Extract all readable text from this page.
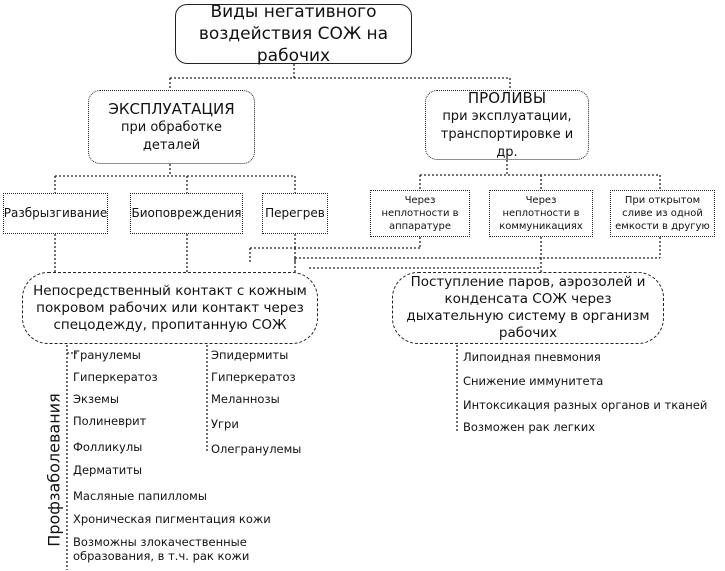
Виды негативного воздействия СОЖ на рабочих
ЭКСПЛУАТАЦИЯ
при обработке деталей
ПРОЛИВЫ
при эксплуатации, транспортировке и др.
Разбрызгивание Биоповреждения Перегрев
Через неплотности в аппаратуре
Через неплотности в коммуникациях
При открытом сливе из одной емкости в другую
Непосредственный контакт с кожным покровом рабочих или контакт через спецодежду, пропитанную СОЖ
Поступление паров, аэрозолей и конденсата СОЖ через дыхательную систему в организм рабочих
Профзаболевания
Гранулемы
Гиперкератоз
Экземы
Полиневрит
Фолликулы
Дерматиты
Эпидермиты
Гиперкератоз
Меланнозы
Угри
Олегранулемы
Масляные папилломы
Хроническая пигментация кожи
Возможны злокачественные образования, в т.ч. рак кожи
Липоидная пневмония
Снижение иммунитета
Интоксикация разных органов и тканей
Возможен рак легких
